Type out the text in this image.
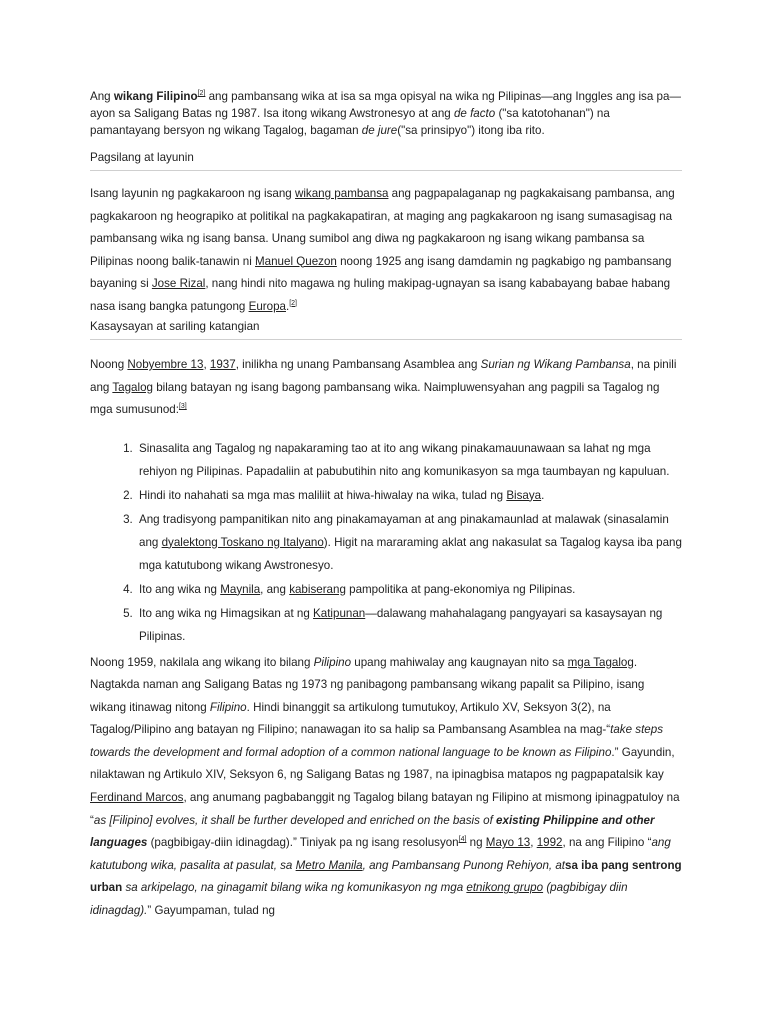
Ang wikang Filipino[2] ang pambansang wika at isa sa mga opisyal na wika ng Pilipinas—ang Inggles ang isa pa—ayon sa Saligang Batas ng 1987. Isa itong wikang Awstronesyo at ang de facto ("sa katotohanan") na pamantayang bersyon ng wikang Tagalog, bagaman de jure("sa prinsipyo") itong iba rito.

Pagsilang at layunin

Isang layunin ng pagkakaroon ng isang wikang pambansa ang pagpapalaganap ng pagkakaisang pambansa, ang pagkakaroon ng heograpiko at politikal na pagkakapatiran, at maging ang pagkakaroon ng isang sumasagisag na pambansang wika ng isang bansa. Unang sumibol ang diwa ng pagkakaroon ng isang wikang pambansa sa Pilipinas noong balik-tanawin ni Manuel Quezon noong 1925 ang isang damdamin ng pagkabigo ng pambansang bayaning si Jose Rizal, nang hindi nito magawa ng huling makipag-ugnayan sa isang kababayang babae habang nasa isang bangka patungong Europa.[2]

Kasaysayan at sariling katangian

Noong Nobyembre 13, 1937, inilikha ng unang Pambansang Asamblea ang Surian ng Wikang Pambansa, na pinili ang Tagalog bilang batayan ng isang bagong pambansang wika. Naimpluwensyahan ang pagpili sa Tagalog ng mga sumusunod:[3]

1. Sinasalita ang Tagalog ng napakaraming tao at ito ang wikang pinakamauunawaan sa lahat ng mga rehiyon ng Pilipinas. Papadaliin at pabubutihin nito ang komunikasyon sa mga taumbayan ng kapuluan.
2. Hindi ito nahahati sa mga mas maliliit at hiwa-hiwalay na wika, tulad ng Bisaya.
3. Ang tradisyong pampanitikan nito ang pinakamayaman at ang pinakamaunlad at malawak (sinasalamin ang dyalektong Toskano ng Italyano). Higit na mararaming aklat ang nakasulat sa Tagalog kaysa iba pang mga katutubong wikang Awstronesyo.
4. Ito ang wika ng Maynila, ang kabiserang pampolitika at pang-ekonomiya ng Pilipinas.
5. Ito ang wika ng Himagsikan at ng Katipunan—dalawang mahahalagang pangyayari sa kasaysayan ng Pilipinas.

Noong 1959, nakilala ang wikang ito bilang Pilipino upang mahiwalay ang kaugnayan nito sa mga Tagalog. Nagtakda naman ang Saligang Batas ng 1973 ng panibagong pambansang wikang papalit sa Pilipino, isang wikang itinawag nitong Filipino. Hindi binanggit sa artikulong tumutukoy, Artikulo XV, Seksyon 3(2), na Tagalog/Pilipino ang batayan ng Filipino; nanawagan ito sa halip sa Pambansang Asamblea na mag-“take steps towards the development and formal adoption of a common national language to be known as Filipino.” Gayundin, nilaktawan ng Artikulo XIV, Seksyon 6, ng Saligang Batas ng 1987, na ipinagbisa matapos ng pagpapatalsik kay Ferdinand Marcos, ang anumang pagbabanggit ng Tagalog bilang batayan ng Filipino at mismong ipinagpatuloy na “as [Filipino] evolves, it shall be further developed and enriched on the basis of existing Philippine and other languages (pagbibigay-diin idinagdag).” Tiniyak pa ng isang resolusyon[4] ng Mayo 13, 1992, na ang Filipino “ang katutubong wika, pasalita at pasulat, sa Metro Manila, ang Pambansang Punong Rehiyon, atsa iba pang sentrong urban sa arkipelago, na ginagamit bilang wika ng komunikasyon ng mga etnikong grupo (pagbibigay diin idinagdag).” Gayumpaman, tulad ng
